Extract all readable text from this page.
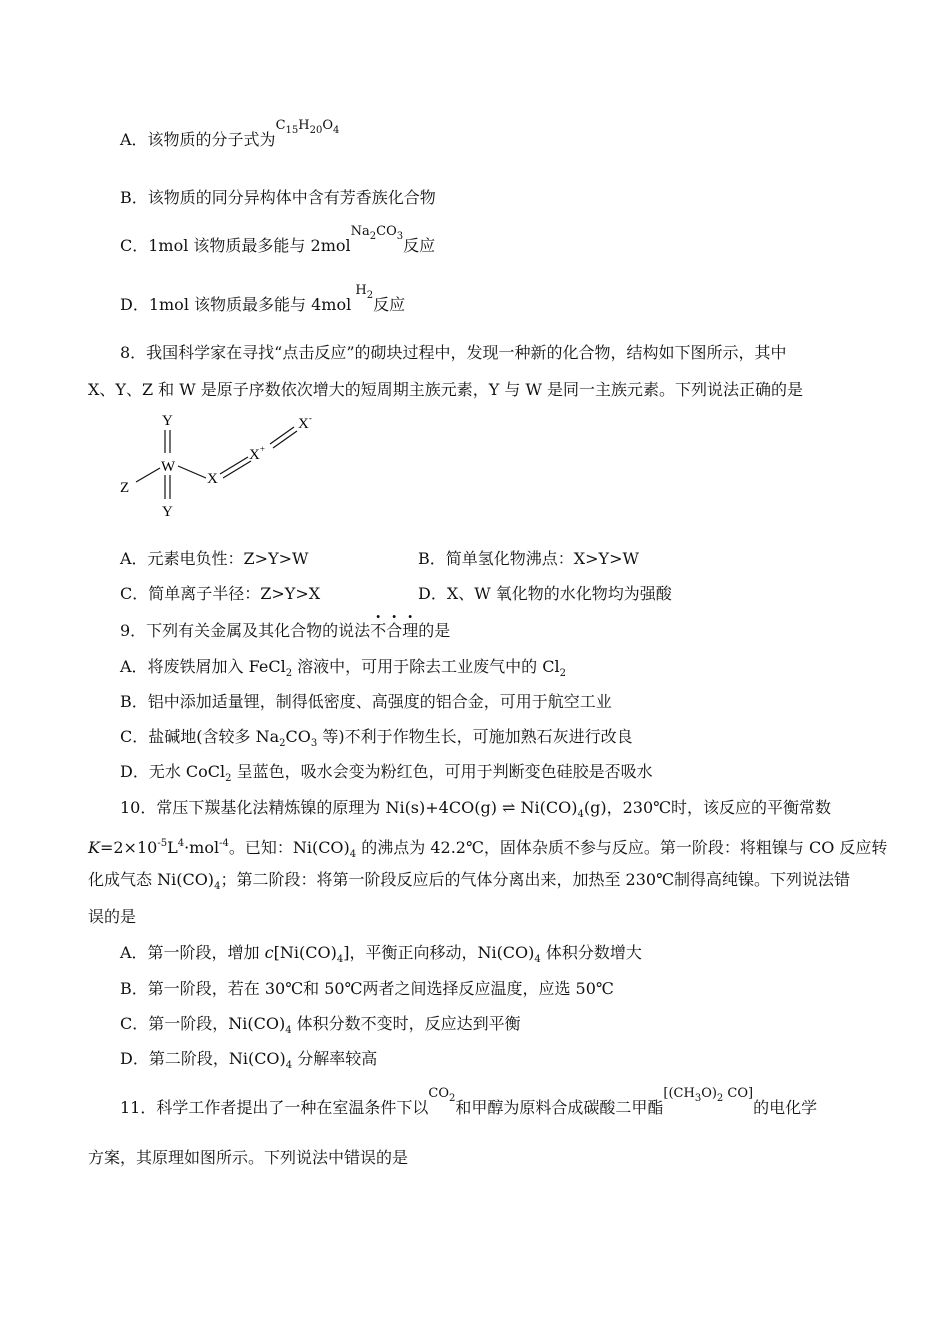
A．该物质的分子式为$^{C_{15}H_{20}O_4}$
B．该物质的同分异构体中含有芳香族化合物
C．1mol 该物质最多能与 2mol$^{Na_2CO_3}$反应
D．1mol 该物质最多能与 4mol $^{H_2}$反应
8．我国科学家在寻找“点击反应”的砌块过程中，发现一种新的化合物，结构如下图所示，其中
X、Y、Z 和 W 是原子序数依次增大的短周期主族元素，Y 与 W 是同一主族元素。下列说法正确的是
Y
W
Y
Z
X
X+
X-
A．元素电负性：Z>Y>W	B．简单氢化物沸点：X>Y>W
C．简单离子半径：Z>Y>X	D．X、W 氧化物的水化物均为强酸
9．下列有关金属及其化合物的说法不合理的是
A．将废铁屑加入 FeCl$_2$ 溶液中，可用于除去工业废气中的 $Cl_2$
B．铝中添加适量锂，制得低密度、高强度的铝合金，可用于航空工业
C．盐碱地(含较多 $Na_2CO_3$ 等)不利于作物生长，可施加熟石灰进行改良
D．无水 CoCl$_2$ 呈蓝色，吸水会变为粉红色，可用于判断变色硅胶是否吸水
10．常压下羰基化法精炼镍的原理为 Ni(s)+4CO(g) ⇌ $Ni(CO)_4(g)$，230℃时，该反应的平衡常数
$K=2\times 10^{-5}L^4\cdot mol^{-4}$。已知：$Ni(CO)_4$ 的沸点为 42.2℃，固体杂质不参与反应。第一阶段：将粗镍与 CO 反应转
化成气态 $Ni(CO)_4$；第二阶段：将第一阶段反应后的气体分离出来，加热至 230℃制得高纯镍。下列说法错
误的是
A．第一阶段，增加 $c[Ni(CO)_4]$，平衡正向移动，$Ni(CO)_4$ 体积分数增大
B．第一阶段，若在 30℃和 50℃两者之间选择反应温度，应选 50℃
C．第一阶段，$Ni(CO)_4$ 体积分数不变时，反应达到平衡
D．第二阶段，$Ni(CO)_4$ 分解率较高
11．科学工作者提出了一种在室温条件下以$^{CO_2}$和甲醇为原料合成碳酸二甲酯[(CH3O)2 CO]的电化学
方案，其原理如图所示。下列说法中错误的是
